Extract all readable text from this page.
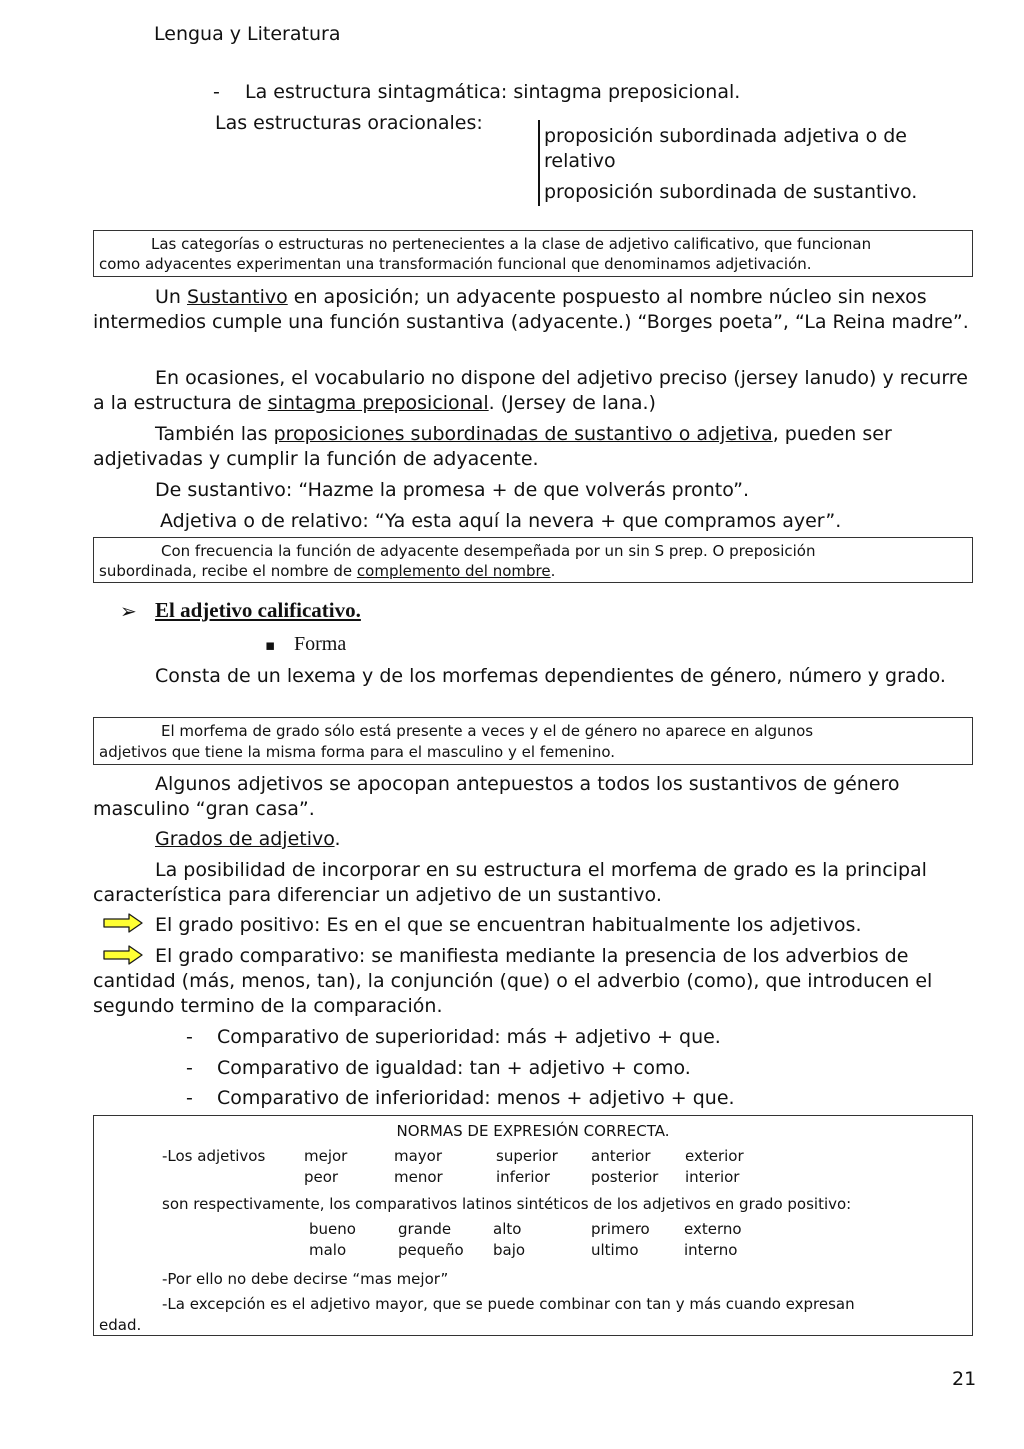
Lengua y Literatura
- La estructura sintagmática: sintagma preposicional.
Las estructuras oracionales:
proposición subordinada adjetiva o de
relativo
proposición subordinada de sustantivo.
Las categorías o estructuras no pertenecientes a la clase de adjetivo calificativo, que funcionan
como adyacentes experimentan una transformación funcional que denominamos adjetivación.
Un Sustantivo en aposición; un adyacente pospuesto al nombre núcleo sin nexos intermedios cumple una función sustantiva (adyacente.) “Borges poeta”, “La Reina madre”.
En ocasiones, el vocabulario no dispone del adjetivo preciso (jersey lanudo) y recurre a la estructura de sintagma preposicional. (Jersey de lana.)
También las proposiciones subordinadas de sustantivo o adjetiva, pueden ser adjetivadas y cumplir la función de adyacente.
De sustantivo: “Hazme la promesa + de que volverás pronto”.
Adjetiva o de relativo: “Ya esta aquí la nevera + que compramos ayer”.
Con frecuencia la función de adyacente desempeñada por un sin S prep. O preposición
subordinada, recibe el nombre de complemento del nombre.
➢ El adjetivo calificativo.
▪ Forma
Consta de un lexema y de los morfemas dependientes de género, número y grado.
El morfema de grado sólo está presente a veces y el de género no aparece en algunos
adjetivos que tiene la misma forma para el masculino y el femenino.
Algunos adjetivos se apocopan antepuestos a todos los sustantivos de género masculino “gran casa”.
Grados de adjetivo.
La posibilidad de incorporar en su estructura el morfema de grado es la principal característica para diferenciar un adjetivo de un sustantivo.
El grado positivo: Es en el que se encuentran habitualmente los adjetivos.
El grado comparativo: se manifiesta mediante la presencia de los adverbios de cantidad (más, menos, tan), la conjunción (que) o el adverbio (como), que introducen el segundo termino de la comparación.
- Comparativo de superioridad: más + adjetivo + que.
- Comparativo de igualdad: tan + adjetivo + como.
- Comparativo de inferioridad: menos + adjetivo + que.
NORMAS DE EXPRESIÓN CORRECTA.
-Los adjetivos	mejor	mayor	superior	anterior	exterior
peor	menor	inferior	posterior	interior
son respectivamente, los comparativos latinos sintéticos de los adjetivos en grado positivo:
bueno	grande	alto	primero	externo
malo	pequeño	bajo	ultimo	interno
-Por ello no debe decirse “mas mejor”
-La excepción es el adjetivo mayor, que se puede combinar con tan y más cuando expresan
edad.
21
